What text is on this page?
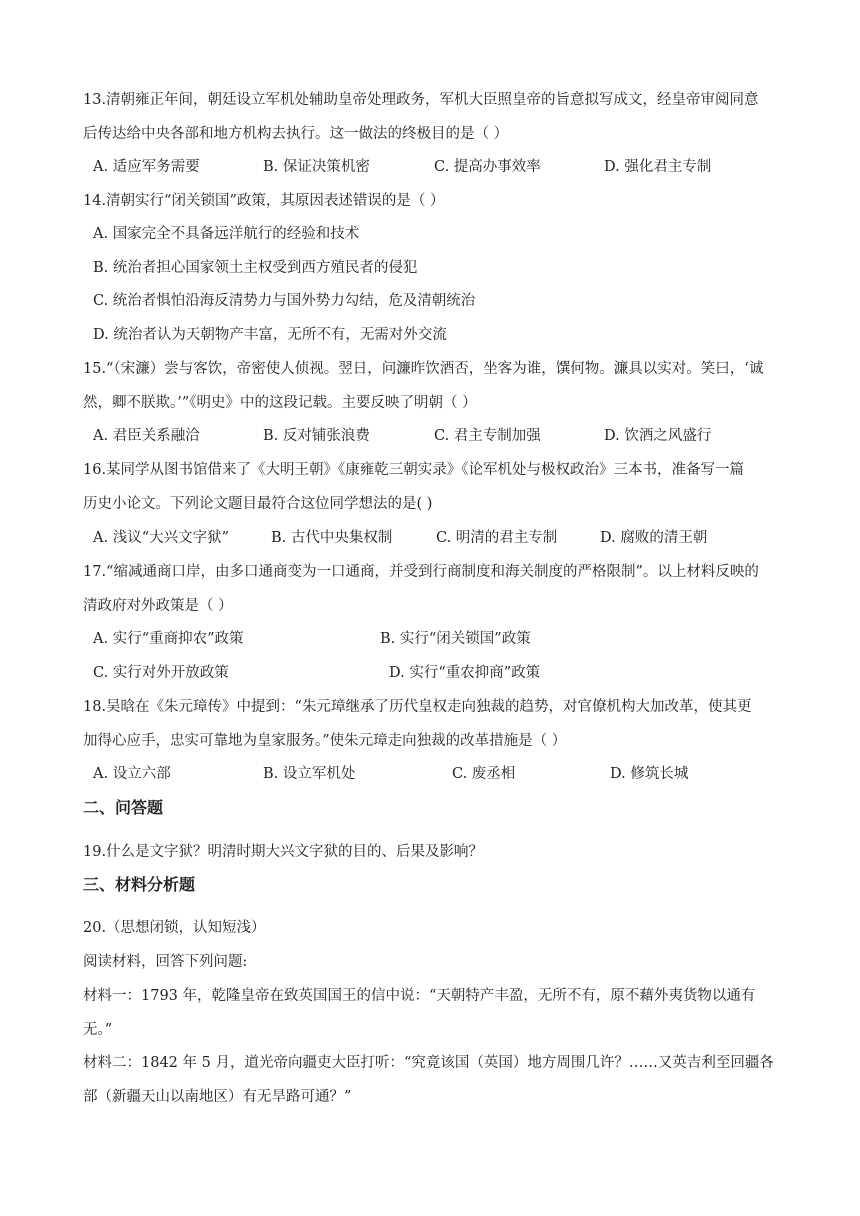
13.清朝雍正年间，朝廷设立军机处辅助皇帝处理政务，军机大臣照皇帝的旨意拟写成文，经皇帝审阅同意
后传达给中央各部和地方机构去执行。这一做法的终极目的是（ ）
A. 适应军务需要	B. 保证决策机密	C. 提高办事效率	D. 强化君主专制
14.清朝实行“闭关锁国”政策，其原因表述错误的是（ ）
A. 国家完全不具备远洋航行的经验和技术
B. 统治者担心国家领土主权受到西方殖民者的侵犯
C. 统治者惧怕沿海反清势力与国外势力勾结，危及清朝统治
D. 统治者认为天朝物产丰富，无所不有，无需对外交流
15.“（宋濂）尝与客饮，帝密使人侦视。翌日，问濂昨饮酒否，坐客为谁，馔何物。濂具以实对。笑曰，‘诚
然，卿不朕欺。’”《明史》中的这段记载。主要反映了明朝（ ）
A. 君臣关系融洽	B. 反对铺张浪费	C. 君主专制加强	D. 饮酒之风盛行
16.某同学从图书馆借来了《大明王朝》《康雍乾三朝实录》《论军机处与极权政治》三本书，准备写一篇
历史小论文。下列论文题目最符合这位同学想法的是( )
A. 浅议“大兴文字狱”	B. 古代中央集权制	C. 明清的君主专制	D. 腐败的清王朝
17.“缩减通商口岸，由多口通商变为一口通商，并受到行商制度和海关制度的严格限制”。以上材料反映的
清政府对外政策是（ ）
A. 实行“重商抑农”政策	B. 实行“闭关锁国”政策
C. 实行对外开放政策	D. 实行“重农抑商”政策
18.吴晗在《朱元璋传》中提到：“朱元璋继承了历代皇权走向独裁的趋势，对官僚机构大加改革，使其更
加得心应手，忠实可靠地为皇家服务。”使朱元璋走向独裁的改革措施是（ ）
A. 设立六部	B. 设立军机处	C. 废丞相	D. 修筑长城
二、问答题
19.什么是文字狱？明清时期大兴文字狱的目的、后果及影响？
三、材料分析题
20.（思想闭锁，认知短浅）
阅读材料，回答下列问题:
材料一：1793 年，乾隆皇帝在致英国国王的信中说：“天朝特产丰盈，无所不有，原不藉外夷货物以通有
无。”
材料二：1842 年 5 月，道光帝向疆吏大臣打听：“究竟该国（英国）地方周围几许？……又英吉利至回疆各
部（新疆天山以南地区）有无旱路可通？”
